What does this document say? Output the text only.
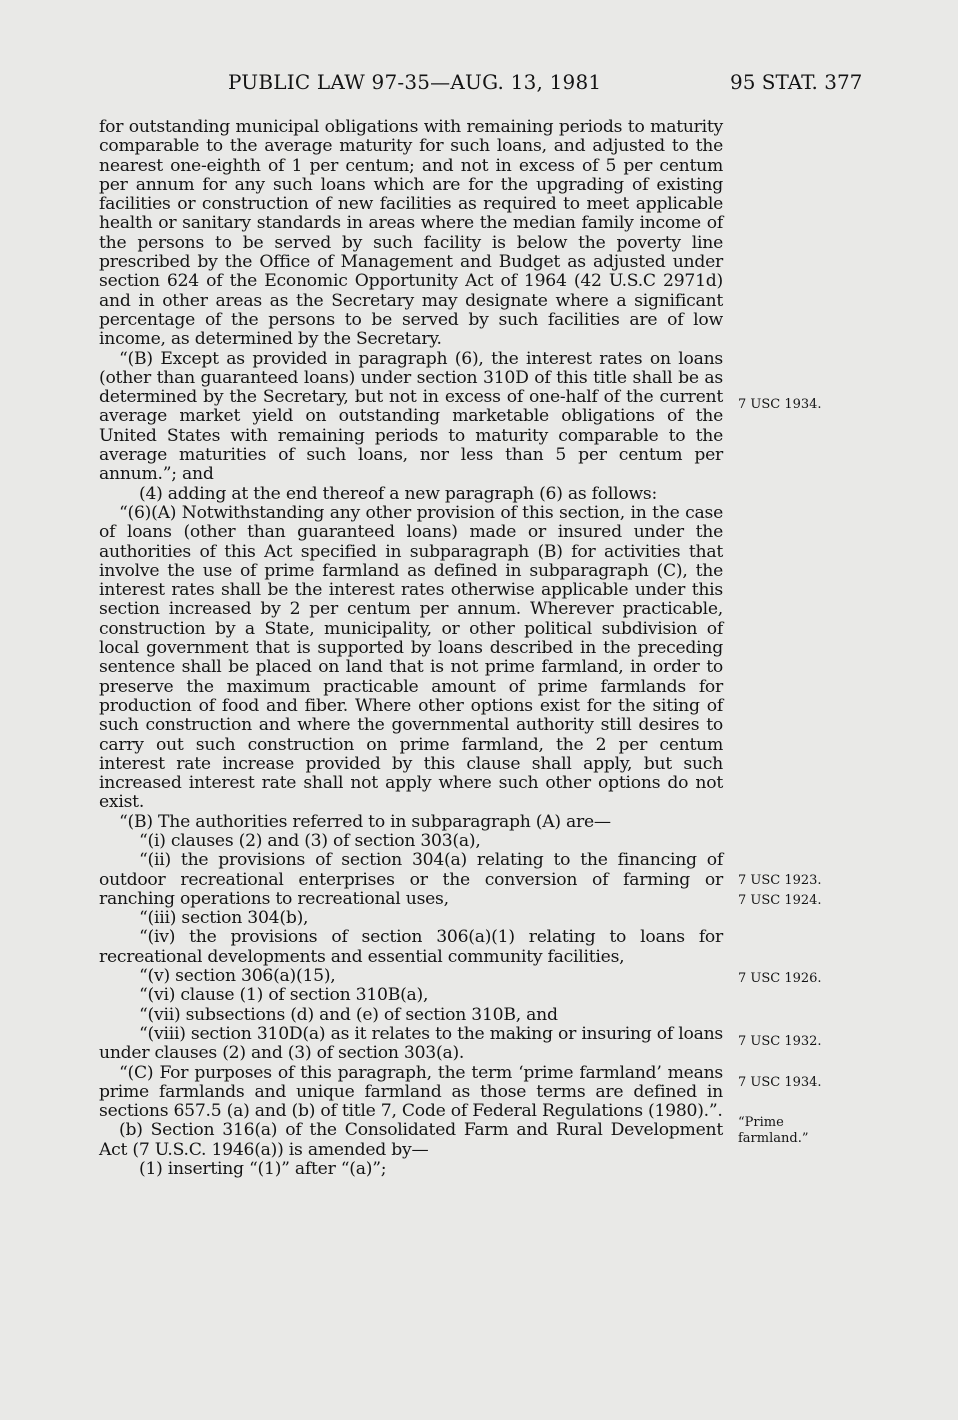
PUBLIC LAW 97-35—AUG. 13, 1981	95 STAT. 377

for outstanding municipal obligations with remaining periods to maturity comparable to the average maturity for such loans, and adjusted to the nearest one-eighth of 1 per centum; and not in excess of 5 per centum per annum for any such loans which are for the upgrading of existing facilities or construction of new facilities as required to meet applicable health or sanitary standards in areas where the median family income of the persons to be served by such facility is below the poverty line prescribed by the Office of Management and Budget as adjusted under section 624 of the Economic Opportunity Act of 1964 (42 U.S.C 2971d) and in other areas as the Secretary may designate where a significant percentage of the persons to be served by such facilities are of low income, as determined by the Secretary.

“(B) Except as provided in paragraph (6), the interest rates on loans (other than guaranteed loans) under section 310D of this title shall be as determined by the Secretary, but not in excess of one-half of the current average market yield on outstanding marketable obligations of the United States with remaining periods to maturity comparable to the average maturities of such loans, nor less than 5 per centum per annum.”; and

(4) adding at the end thereof a new paragraph (6) as follows:

“(6)(A) Notwithstanding any other provision of this section, in the case of loans (other than guaranteed loans) made or insured under the authorities of this Act specified in subparagraph (B) for activities that involve the use of prime farmland as defined in subparagraph (C), the interest rates shall be the interest rates otherwise applicable under this section increased by 2 per centum per annum. Wherever practicable, construction by a State, municipality, or other political subdivision of local government that is supported by loans described in the preceding sentence shall be placed on land that is not prime farmland, in order to preserve the maximum practicable amount of prime farmlands for production of food and fiber. Where other options exist for the siting of such construction and where the governmental authority still desires to carry out such construction on prime farmland, the 2 per centum interest rate increase provided by this clause shall apply, but such increased interest rate shall not apply where such other options do not exist.

“(B) The authorities referred to in subparagraph (A) are—

“(i) clauses (2) and (3) of section 303(a),

“(ii) the provisions of section 304(a) relating to the financing of outdoor recreational enterprises or the conversion of farming or ranching operations to recreational uses,

“(iii) section 304(b),

“(iv) the provisions of section 306(a)(1) relating to loans for recreational developments and essential community facilities,

“(v) section 306(a)(15),

“(vi) clause (1) of section 310B(a),

“(vii) subsections (d) and (e) of section 310B, and

“(viii) section 310D(a) as it relates to the making or insuring of loans under clauses (2) and (3) of section 303(a).

“(C) For purposes of this paragraph, the term ‘prime farmland’ means prime farmlands and unique farmland as those terms are defined in sections 657.5 (a) and (b) of title 7, Code of Federal Regulations (1980).”.

(b) Section 316(a) of the Consolidated Farm and Rural Development Act (7 U.S.C. 1946(a)) is amended by—

(1) inserting “(1)” after “(a)”;

7 USC 1934.
7 USC 1923.
7 USC 1924.
7 USC 1926.
7 USC 1932.
7 USC 1934.
“Prime
farmland.”
